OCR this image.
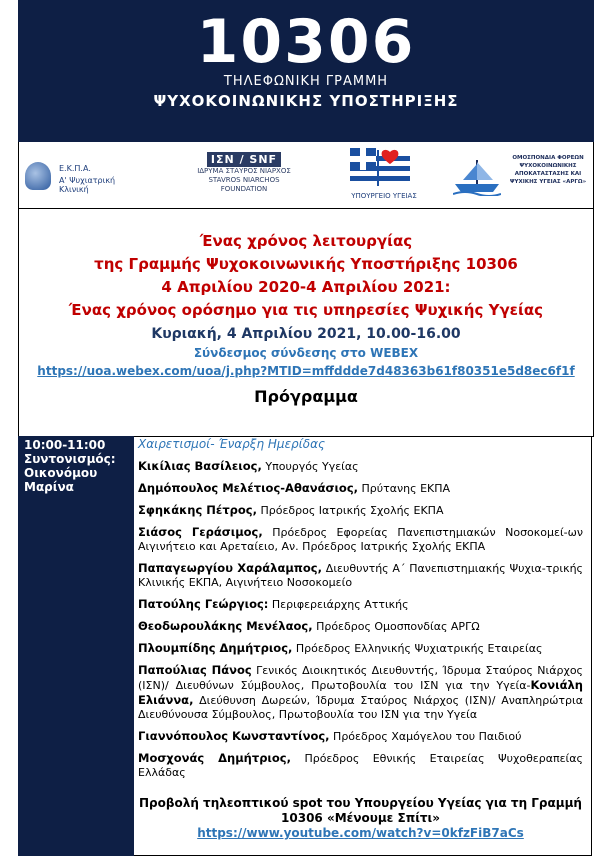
10306
ΤΗΛΕΦΩΝΙΚΗ ΓΡΑΜΜΗ
ΨΥΧΟΚΟΙΝΩΝΙΚΗΣ ΥΠΟΣΤΗΡΙΞΗΣ
Ε.Κ.Π.Α.
Α' Ψυχιατρική Κλινική
ΙΣΝ / SNF
ΙΔΡΥΜΑ ΣΤΑΥΡΟΣ ΝΙΑΡΧΟΣ
STAVROS NIARCHOS
FOUNDATION
ΥΠΟΥΡΓΕΙΟ ΥΓΕΙΑΣ
ΟΜΟΣΠΟΝΔΙΑ ΦΟΡΕΩΝ ΨΥΧΟΚΟΙΝΩΝΙΚΗΣ ΑΠΟΚΑΤΑΣΤΑΣΗΣ ΚΑΙ ΨΥΧΙΚΗΣ ΥΓΕΙΑΣ «ΑΡΓΩ»
Ένας χρόνος λειτουργίας
της Γραμμής Ψυχοκοινωνικής Υποστήριξης 10306
4 Απριλίου 2020-4 Απριλίου 2021:
Ένας χρόνος ορόσημο για τις υπηρεσίες Ψυχικής Υγείας
Κυριακή, 4 Απριλίου 2021, 10.00-16.00
Σύνδεσμος σύνδεσης στο WEBEX
https://uoa.webex.com/uoa/j.php?MTID=mffddde7d48363b61f80351e5d8ec6f1f
Πρόγραμμα
10:00-11:00
Συντονισμός:
Οικονόμου Μαρίνα
Χαιρετισμοί- Έναρξη Ημερίδας
Κικίλιας Βασίλειος, Υπουργός Υγείας
Δημόπουλος Μελέτιος-Αθανάσιος, Πρύτανης ΕΚΠΑ
Σφηκάκης Πέτρος, Πρόεδρος Ιατρικής Σχολής ΕΚΠΑ
Σιάσος Γεράσιμος, Πρόεδρος Εφορείας Πανεπιστημιακών Νοσοκομεί-ων Αιγινήτειο και Αρεταίειο, Αν. Πρόεδρος Ιατρικής Σχολής ΕΚΠΑ
Παπαγεωργίου Χαράλαμπος, Διευθυντής Α΄ Πανεπιστημιακής Ψυχια-τρικής Κλινικής ΕΚΠΑ, Αιγινήτειο Νοσοκομείο
Πατούλης Γεώργιος: Περιφερειάρχης Αττικής
Θεοδωρουλάκης Μενέλαος, Πρόεδρος Ομοσπονδίας ΑΡΓΩ
Πλουμπίδης Δημήτριος, Πρόεδρος Ελληνικής Ψυχιατρικής Εταιρείας
Παπούλιας Πάνος Γενικός Διοικητικός Διευθυντής, Ίδρυμα Σταύρος Νιάρχος (ΙΣΝ)/ Διευθύνων Σύμβουλος, Πρωτοβουλία του ΙΣΝ για την Υγεία-Κονιάλη Ελιάννα, Διεύθυνση Δωρεών, Ίδρυμα Σταύρος Νιάρχος (ΙΣΝ)/ Αναπληρώτρια Διευθύνουσα Σύμβουλος, Πρωτοβουλία του ΙΣΝ για την Υγεία
Γιαννόπουλος Κωνσταντίνος, Πρόεδρος Χαμόγελου του Παιδιού
Μοσχονάς Δημήτριος, Πρόεδρος Εθνικής Εταιρείας Ψυχοθεραπείας Ελλάδας
Προβολή τηλεοπτικού spot του Υπουργείου Υγείας για τη Γραμμή 10306 «Μένουμε Σπίτι»
https://www.youtube.com/watch?v=0kfzFiB7aCs
